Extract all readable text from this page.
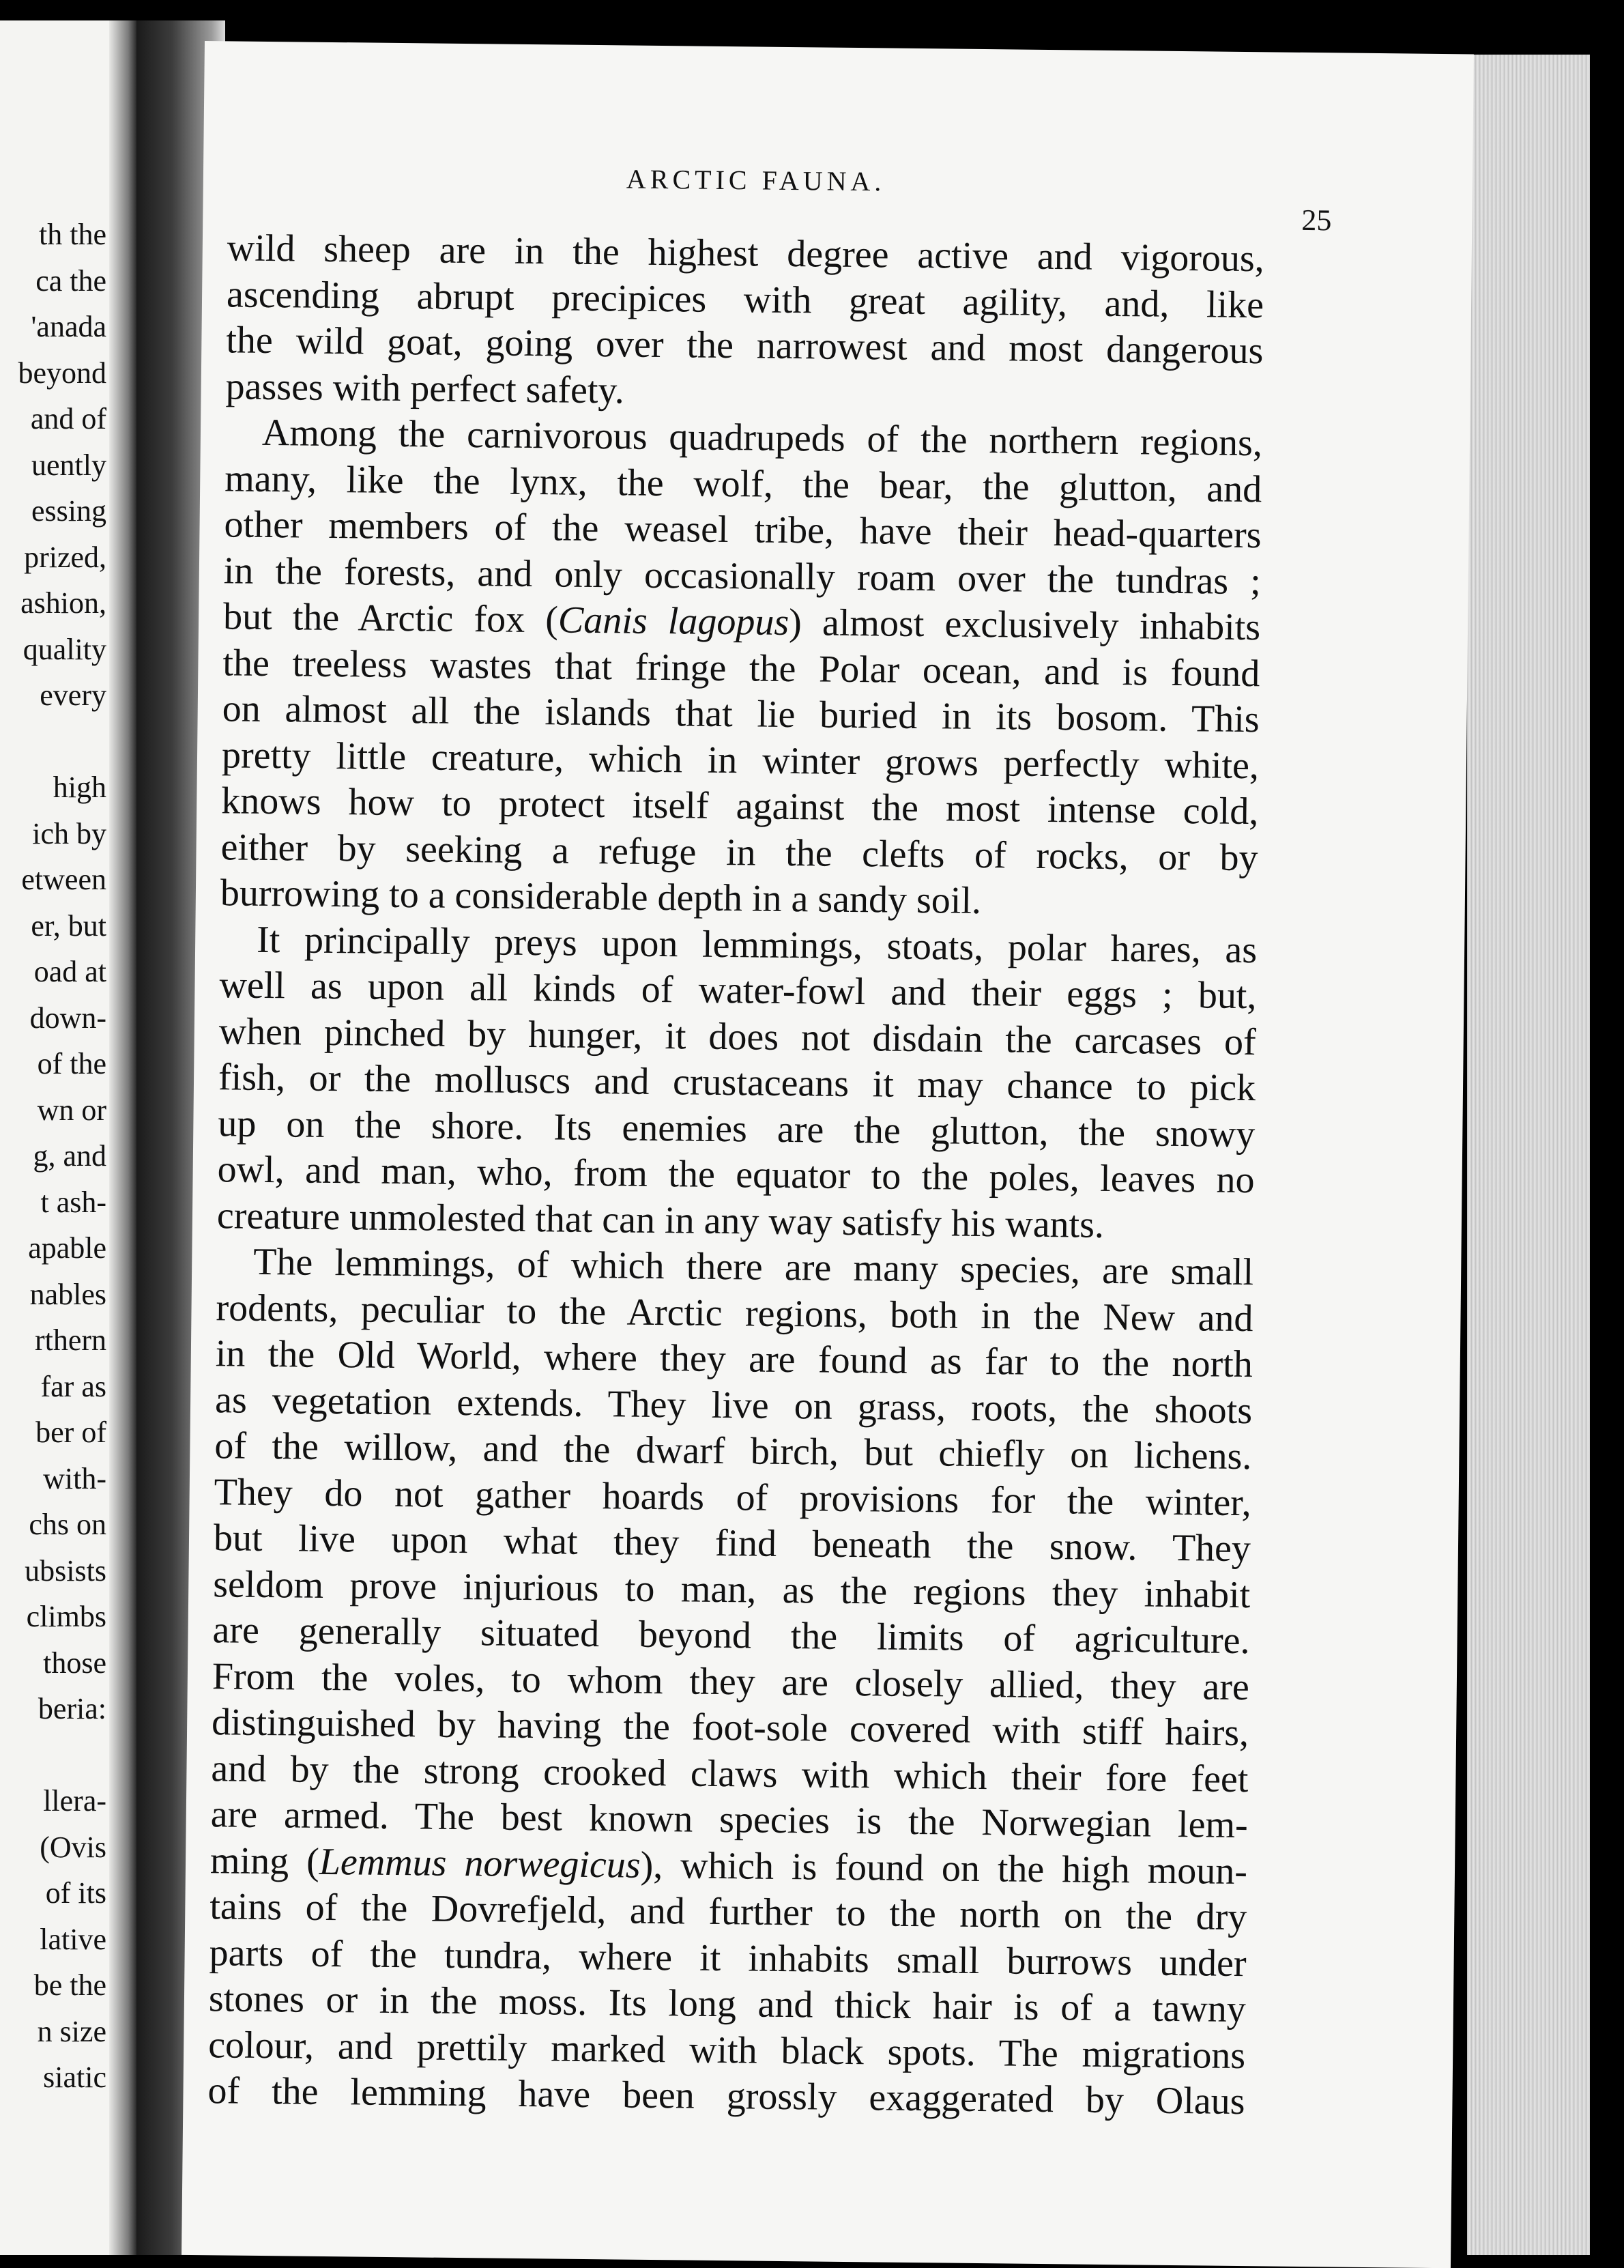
th the
ca the
'anada
beyond
and of
uently
essing
prized,
ashion,
quality
every

high
ich by
etween
er, but
oad at
down-
of the
wn or
g, and
t ash-
apable
nables
rthern
far as
ber of
with-
chs on
ubsists
climbs
those
beria:

llera-
(Ovis
of its
lative
be the
n size
siatic
ARCTIC FAUNA.
25
wild sheep are in the highest degree active and vigorous,
ascending abrupt precipices with great agility, and, like
the wild goat, going over the narrowest and most dangerous
passes with perfect safety.
Among the carnivorous quadrupeds of the northern regions,
many, like the lynx, the wolf, the bear, the glutton, and
other members of the weasel tribe, have their head-quarters
in the forests, and only occasionally roam over the tundras ;
but the Arctic fox (Canis lagopus) almost exclusively inhabits
the treeless wastes that fringe the Polar ocean, and is found
on almost all the islands that lie buried in its bosom. This
pretty little creature, which in winter grows perfectly white,
knows how to protect itself against the most intense cold,
either by seeking a refuge in the clefts of rocks, or by
burrowing to a considerable depth in a sandy soil.
It principally preys upon lemmings, stoats, polar hares, as
well as upon all kinds of water-fowl and their eggs ; but,
when pinched by hunger, it does not disdain the carcases of
fish, or the molluscs and crustaceans it may chance to pick
up on the shore. Its enemies are the glutton, the snowy
owl, and man, who, from the equator to the poles, leaves no
creature unmolested that can in any way satisfy his wants.
The lemmings, of which there are many species, are small
rodents, peculiar to the Arctic regions, both in the New and
in the Old World, where they are found as far to the north
as vegetation extends. They live on grass, roots, the shoots
of the willow, and the dwarf birch, but chiefly on lichens.
They do not gather hoards of provisions for the winter,
but live upon what they find beneath the snow. They
seldom prove injurious to man, as the regions they inhabit
are generally situated beyond the limits of agriculture.
From the voles, to whom they are closely allied, they are
distinguished by having the foot-sole covered with stiff hairs,
and by the strong crooked claws with which their fore feet
are armed. The best known species is the Norwegian lem-
ming (Lemmus norwegicus), which is found on the high moun-
tains of the Dovrefjeld, and further to the north on the dry
parts of the tundra, where it inhabits small burrows under
stones or in the moss. Its long and thick hair is of a tawny
colour, and prettily marked with black spots. The migrations
of the lemming have been grossly exaggerated by Olaus
